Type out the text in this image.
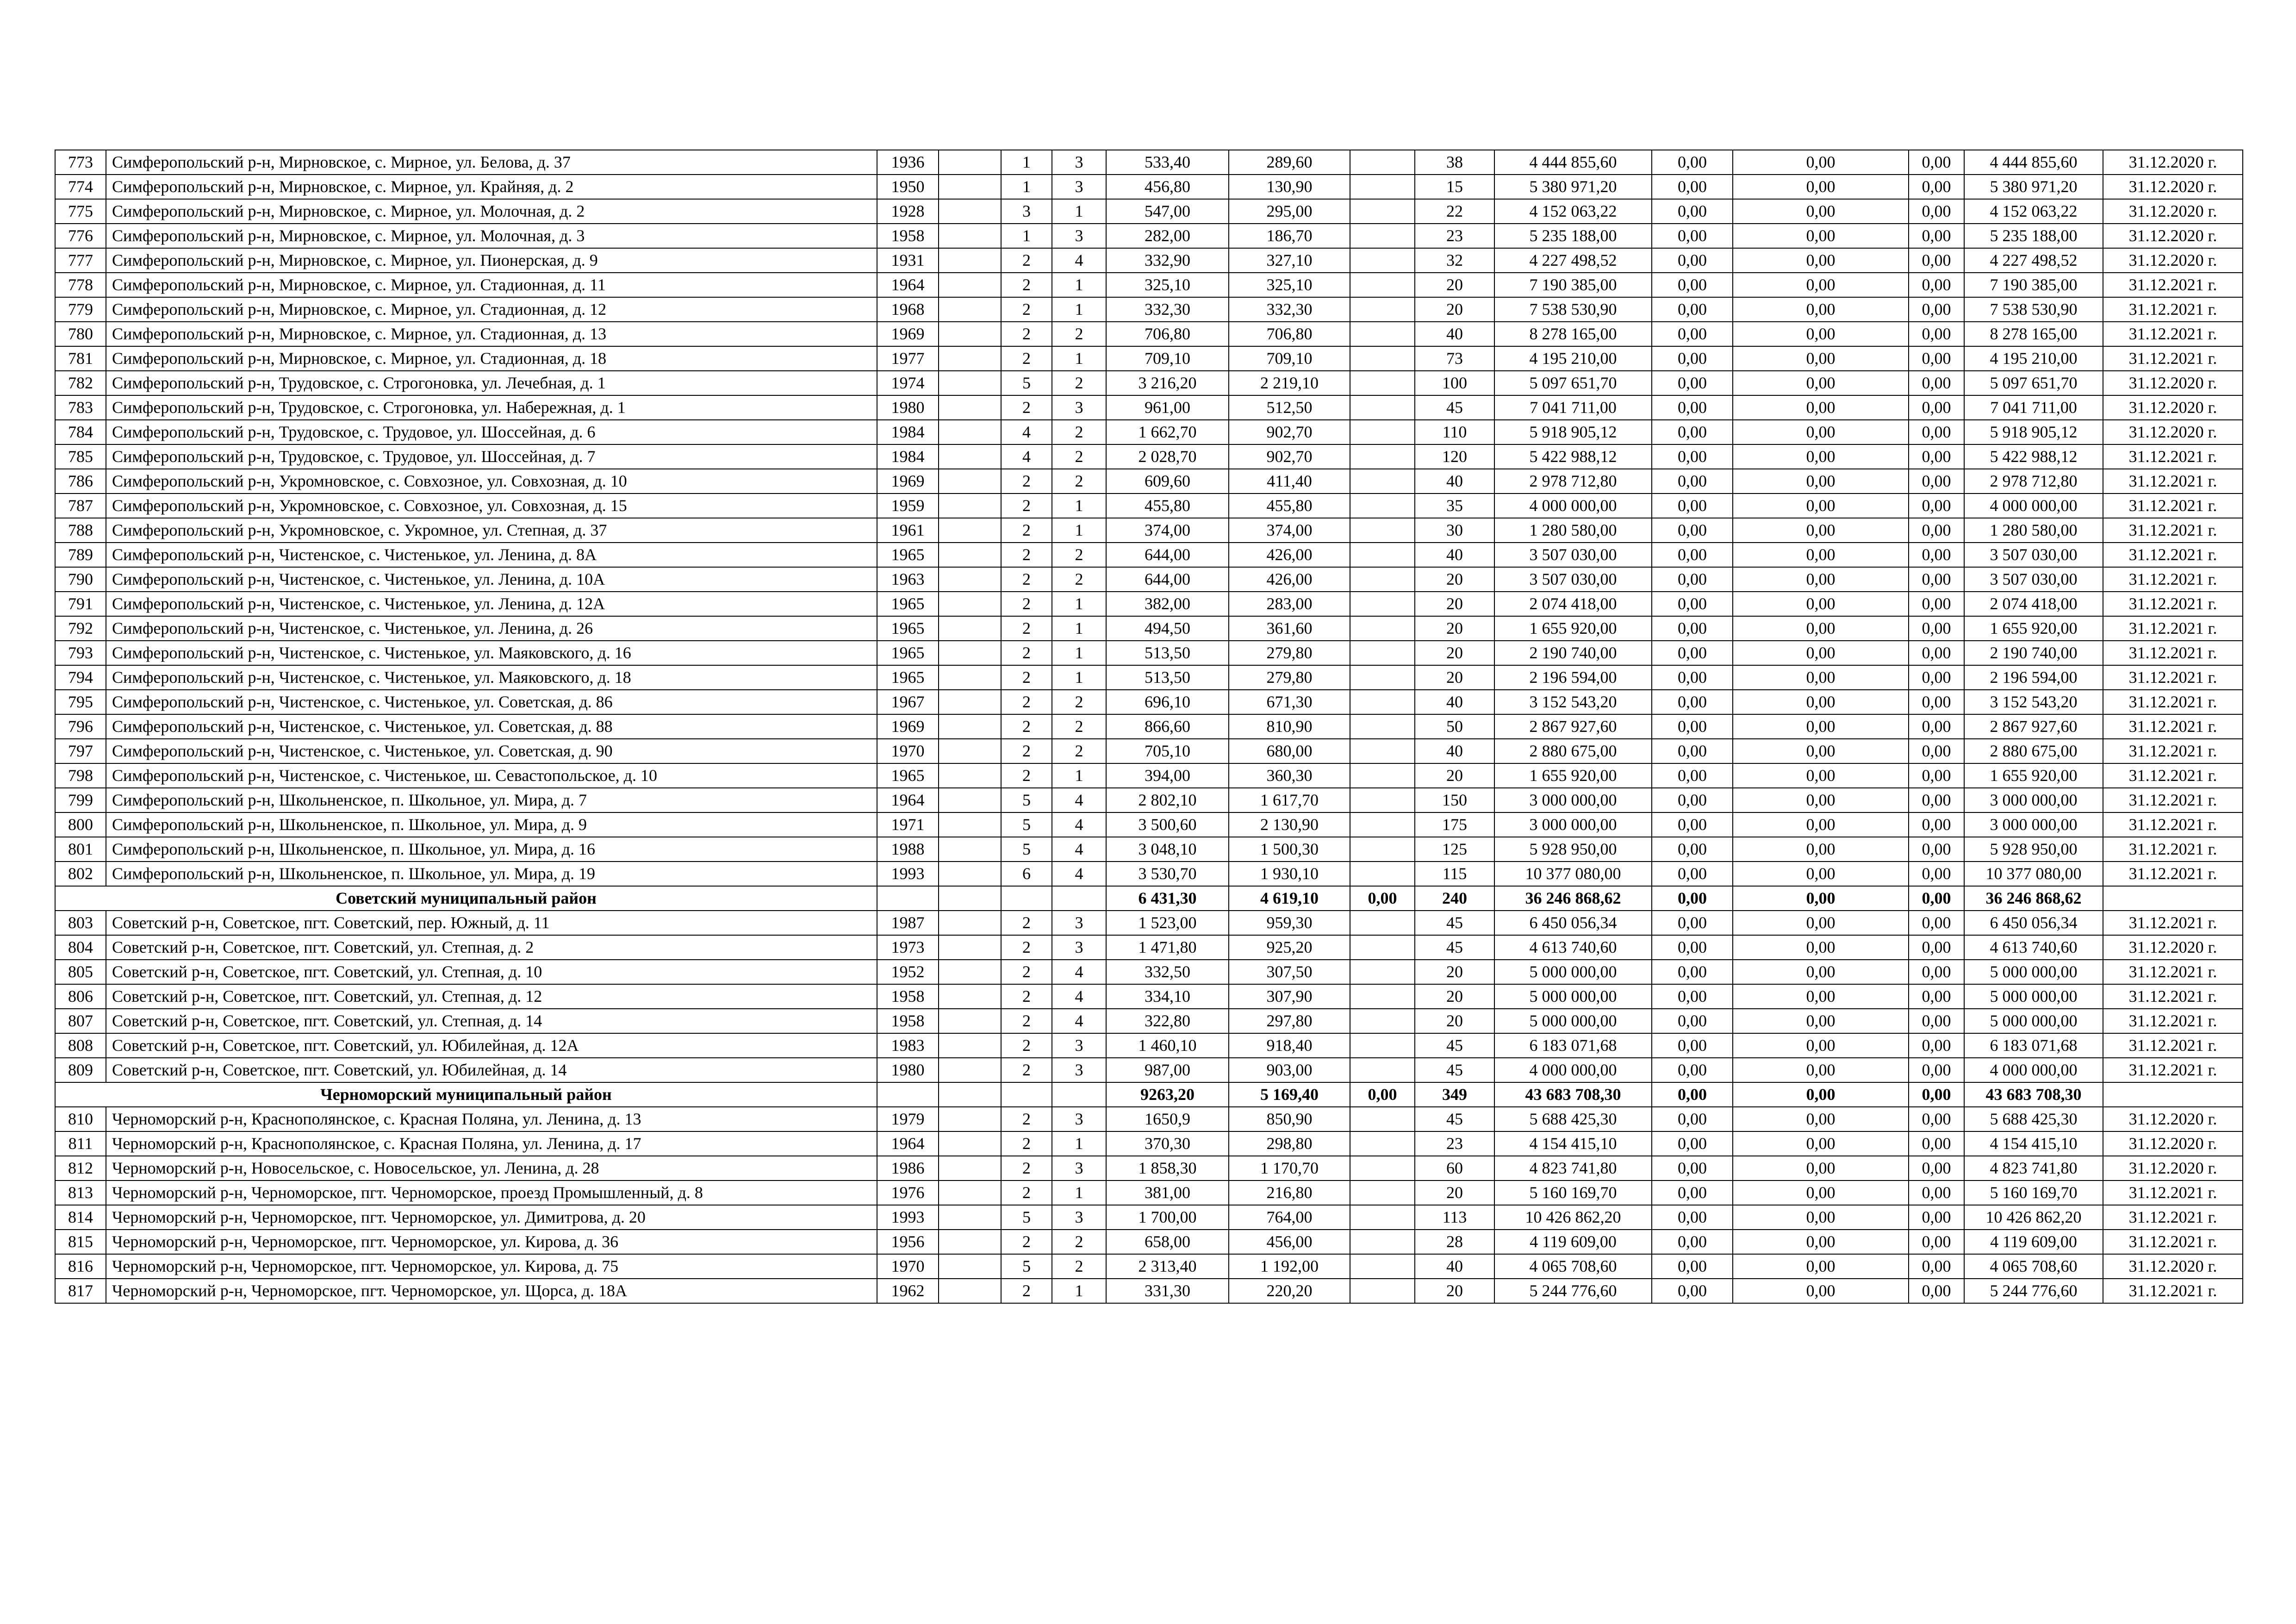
773	Симферопольский р-н, Мирновское, с. Мирное, ул. Белова, д. 37	1936		1	3	533,40	289,60		38	4 444 855,60	0,00	0,00	0,00	4 444 855,60	31.12.2020 г.
774	Симферопольский р-н, Мирновское, с. Мирное, ул. Крайняя, д. 2	1950		1	3	456,80	130,90		15	5 380 971,20	0,00	0,00	0,00	5 380 971,20	31.12.2020 г.
775	Симферопольский р-н, Мирновское, с. Мирное, ул. Молочная, д. 2	1928		3	1	547,00	295,00		22	4 152 063,22	0,00	0,00	0,00	4 152 063,22	31.12.2020 г.
776	Симферопольский р-н, Мирновское, с. Мирное, ул. Молочная, д. 3	1958		1	3	282,00	186,70		23	5 235 188,00	0,00	0,00	0,00	5 235 188,00	31.12.2020 г.
777	Симферопольский р-н, Мирновское, с. Мирное, ул. Пионерская, д. 9	1931		2	4	332,90	327,10		32	4 227 498,52	0,00	0,00	0,00	4 227 498,52	31.12.2020 г.
778	Симферопольский р-н, Мирновское, с. Мирное, ул. Стадионная, д. 11	1964		2	1	325,10	325,10		20	7 190 385,00	0,00	0,00	0,00	7 190 385,00	31.12.2021 г.
779	Симферопольский р-н, Мирновское, с. Мирное, ул. Стадионная, д. 12	1968		2	1	332,30	332,30		20	7 538 530,90	0,00	0,00	0,00	7 538 530,90	31.12.2021 г.
780	Симферопольский р-н, Мирновское, с. Мирное, ул. Стадионная, д. 13	1969		2	2	706,80	706,80		40	8 278 165,00	0,00	0,00	0,00	8 278 165,00	31.12.2021 г.
781	Симферопольский р-н, Мирновское, с. Мирное, ул. Стадионная, д. 18	1977		2	1	709,10	709,10		73	4 195 210,00	0,00	0,00	0,00	4 195 210,00	31.12.2021 г.
782	Симферопольский р-н, Трудовское, с. Строгоновка, ул. Лечебная, д. 1	1974		5	2	3 216,20	2 219,10		100	5 097 651,70	0,00	0,00	0,00	5 097 651,70	31.12.2020 г.
783	Симферопольский р-н, Трудовское, с. Строгоновка, ул. Набережная, д. 1	1980		2	3	961,00	512,50		45	7 041 711,00	0,00	0,00	0,00	7 041 711,00	31.12.2020 г.
784	Симферопольский р-н, Трудовское, с. Трудовое, ул. Шоссейная, д. 6	1984		4	2	1 662,70	902,70		110	5 918 905,12	0,00	0,00	0,00	5 918 905,12	31.12.2020 г.
785	Симферопольский р-н, Трудовское, с. Трудовое, ул. Шоссейная, д. 7	1984		4	2	2 028,70	902,70		120	5 422 988,12	0,00	0,00	0,00	5 422 988,12	31.12.2021 г.
786	Симферопольский р-н, Укромновское, с. Совхозное, ул. Совхозная, д. 10	1969		2	2	609,60	411,40		40	2 978 712,80	0,00	0,00	0,00	2 978 712,80	31.12.2021 г.
787	Симферопольский р-н, Укромновское, с. Совхозное, ул. Совхозная, д. 15	1959		2	1	455,80	455,80		35	4 000 000,00	0,00	0,00	0,00	4 000 000,00	31.12.2021 г.
788	Симферопольский р-н, Укромновское, с. Укромное, ул. Степная, д. 37	1961		2	1	374,00	374,00		30	1 280 580,00	0,00	0,00	0,00	1 280 580,00	31.12.2021 г.
789	Симферопольский р-н, Чистенское, с. Чистенькое, ул. Ленина, д. 8А	1965		2	2	644,00	426,00		40	3 507 030,00	0,00	0,00	0,00	3 507 030,00	31.12.2021 г.
790	Симферопольский р-н, Чистенское, с. Чистенькое, ул. Ленина, д. 10А	1963		2	2	644,00	426,00		20	3 507 030,00	0,00	0,00	0,00	3 507 030,00	31.12.2021 г.
791	Симферопольский р-н, Чистенское, с. Чистенькое, ул. Ленина, д. 12А	1965		2	1	382,00	283,00		20	2 074 418,00	0,00	0,00	0,00	2 074 418,00	31.12.2021 г.
792	Симферопольский р-н, Чистенское, с. Чистенькое, ул. Ленина, д. 26	1965		2	1	494,50	361,60		20	1 655 920,00	0,00	0,00	0,00	1 655 920,00	31.12.2021 г.
793	Симферопольский р-н, Чистенское, с. Чистенькое, ул. Маяковского, д. 16	1965		2	1	513,50	279,80		20	2 190 740,00	0,00	0,00	0,00	2 190 740,00	31.12.2021 г.
794	Симферопольский р-н, Чистенское, с. Чистенькое, ул. Маяковского, д. 18	1965		2	1	513,50	279,80		20	2 196 594,00	0,00	0,00	0,00	2 196 594,00	31.12.2021 г.
795	Симферопольский р-н, Чистенское, с. Чистенькое, ул. Советская, д. 86	1967		2	2	696,10	671,30		40	3 152 543,20	0,00	0,00	0,00	3 152 543,20	31.12.2021 г.
796	Симферопольский р-н, Чистенское, с. Чистенькое, ул. Советская, д. 88	1969		2	2	866,60	810,90		50	2 867 927,60	0,00	0,00	0,00	2 867 927,60	31.12.2021 г.
797	Симферопольский р-н, Чистенское, с. Чистенькое, ул. Советская, д. 90	1970		2	2	705,10	680,00		40	2 880 675,00	0,00	0,00	0,00	2 880 675,00	31.12.2021 г.
798	Симферопольский р-н, Чистенское, с. Чистенькое, ш. Севастопольское, д. 10	1965		2	1	394,00	360,30		20	1 655 920,00	0,00	0,00	0,00	1 655 920,00	31.12.2021 г.
799	Симферопольский р-н, Школьненское, п. Школьное, ул. Мира, д. 7	1964		5	4	2 802,10	1 617,70		150	3 000 000,00	0,00	0,00	0,00	3 000 000,00	31.12.2021 г.
800	Симферопольский р-н, Школьненское, п. Школьное, ул. Мира, д. 9	1971		5	4	3 500,60	2 130,90		175	3 000 000,00	0,00	0,00	0,00	3 000 000,00	31.12.2021 г.
801	Симферопольский р-н, Школьненское, п. Школьное, ул. Мира, д. 16	1988		5	4	3 048,10	1 500,30		125	5 928 950,00	0,00	0,00	0,00	5 928 950,00	31.12.2021 г.
802	Симферопольский р-н, Школьненское, п. Школьное, ул. Мира, д. 19	1993		6	4	3 530,70	1 930,10		115	10 377 080,00	0,00	0,00	0,00	10 377 080,00	31.12.2021 г.
Советский муниципальный район						6 431,30	4 619,10	0,00	240	36 246 868,62	0,00	0,00	0,00	36 246 868,62	
803	Советский р-н, Советское, пгт. Советский, пер. Южный, д. 11	1987		2	3	1 523,00	959,30		45	6 450 056,34	0,00	0,00	0,00	6 450 056,34	31.12.2021 г.
804	Советский р-н, Советское, пгт. Советский, ул. Степная, д. 2	1973		2	3	1 471,80	925,20		45	4 613 740,60	0,00	0,00	0,00	4 613 740,60	31.12.2020 г.
805	Советский р-н, Советское, пгт. Советский, ул. Степная, д. 10	1952		2	4	332,50	307,50		20	5 000 000,00	0,00	0,00	0,00	5 000 000,00	31.12.2021 г.
806	Советский р-н, Советское, пгт. Советский, ул. Степная, д. 12	1958		2	4	334,10	307,90		20	5 000 000,00	0,00	0,00	0,00	5 000 000,00	31.12.2021 г.
807	Советский р-н, Советское, пгт. Советский, ул. Степная, д. 14	1958		2	4	322,80	297,80		20	5 000 000,00	0,00	0,00	0,00	5 000 000,00	31.12.2021 г.
808	Советский р-н, Советское, пгт. Советский, ул. Юбилейная, д. 12А	1983		2	3	1 460,10	918,40		45	6 183 071,68	0,00	0,00	0,00	6 183 071,68	31.12.2021 г.
809	Советский р-н, Советское, пгт. Советский, ул. Юбилейная, д. 14	1980		2	3	987,00	903,00		45	4 000 000,00	0,00	0,00	0,00	4 000 000,00	31.12.2021 г.
Черноморский муниципальный район						9263,20	5 169,40	0,00	349	43 683 708,30	0,00	0,00	0,00	43 683 708,30	
810	Черноморский р-н, Краснополянское, с. Красная Поляна, ул. Ленина, д. 13	1979		2	3	1650,9	850,90		45	5 688 425,30	0,00	0,00	0,00	5 688 425,30	31.12.2020 г.
811	Черноморский р-н, Краснополянское, с. Красная Поляна, ул. Ленина, д. 17	1964		2	1	370,30	298,80		23	4 154 415,10	0,00	0,00	0,00	4 154 415,10	31.12.2020 г.
812	Черноморский р-н, Новосельское, с. Новосельское, ул. Ленина, д. 28	1986		2	3	1 858,30	1 170,70		60	4 823 741,80	0,00	0,00	0,00	4 823 741,80	31.12.2020 г.
813	Черноморский р-н, Черноморское, пгт. Черноморское, проезд Промышленный, д. 8	1976		2	1	381,00	216,80		20	5 160 169,70	0,00	0,00	0,00	5 160 169,70	31.12.2021 г.
814	Черноморский р-н, Черноморское, пгт. Черноморское, ул. Димитрова, д. 20	1993		5	3	1 700,00	764,00		113	10 426 862,20	0,00	0,00	0,00	10 426 862,20	31.12.2021 г.
815	Черноморский р-н, Черноморское, пгт. Черноморское, ул. Кирова, д. 36	1956		2	2	658,00	456,00		28	4 119 609,00	0,00	0,00	0,00	4 119 609,00	31.12.2021 г.
816	Черноморский р-н, Черноморское, пгт. Черноморское, ул. Кирова, д. 75	1970		5	2	2 313,40	1 192,00		40	4 065 708,60	0,00	0,00	0,00	4 065 708,60	31.12.2020 г.
817	Черноморский р-н, Черноморское, пгт. Черноморское, ул. Щорса, д. 18А	1962		2	1	331,30	220,20		20	5 244 776,60	0,00	0,00	0,00	5 244 776,60	31.12.2021 г.
